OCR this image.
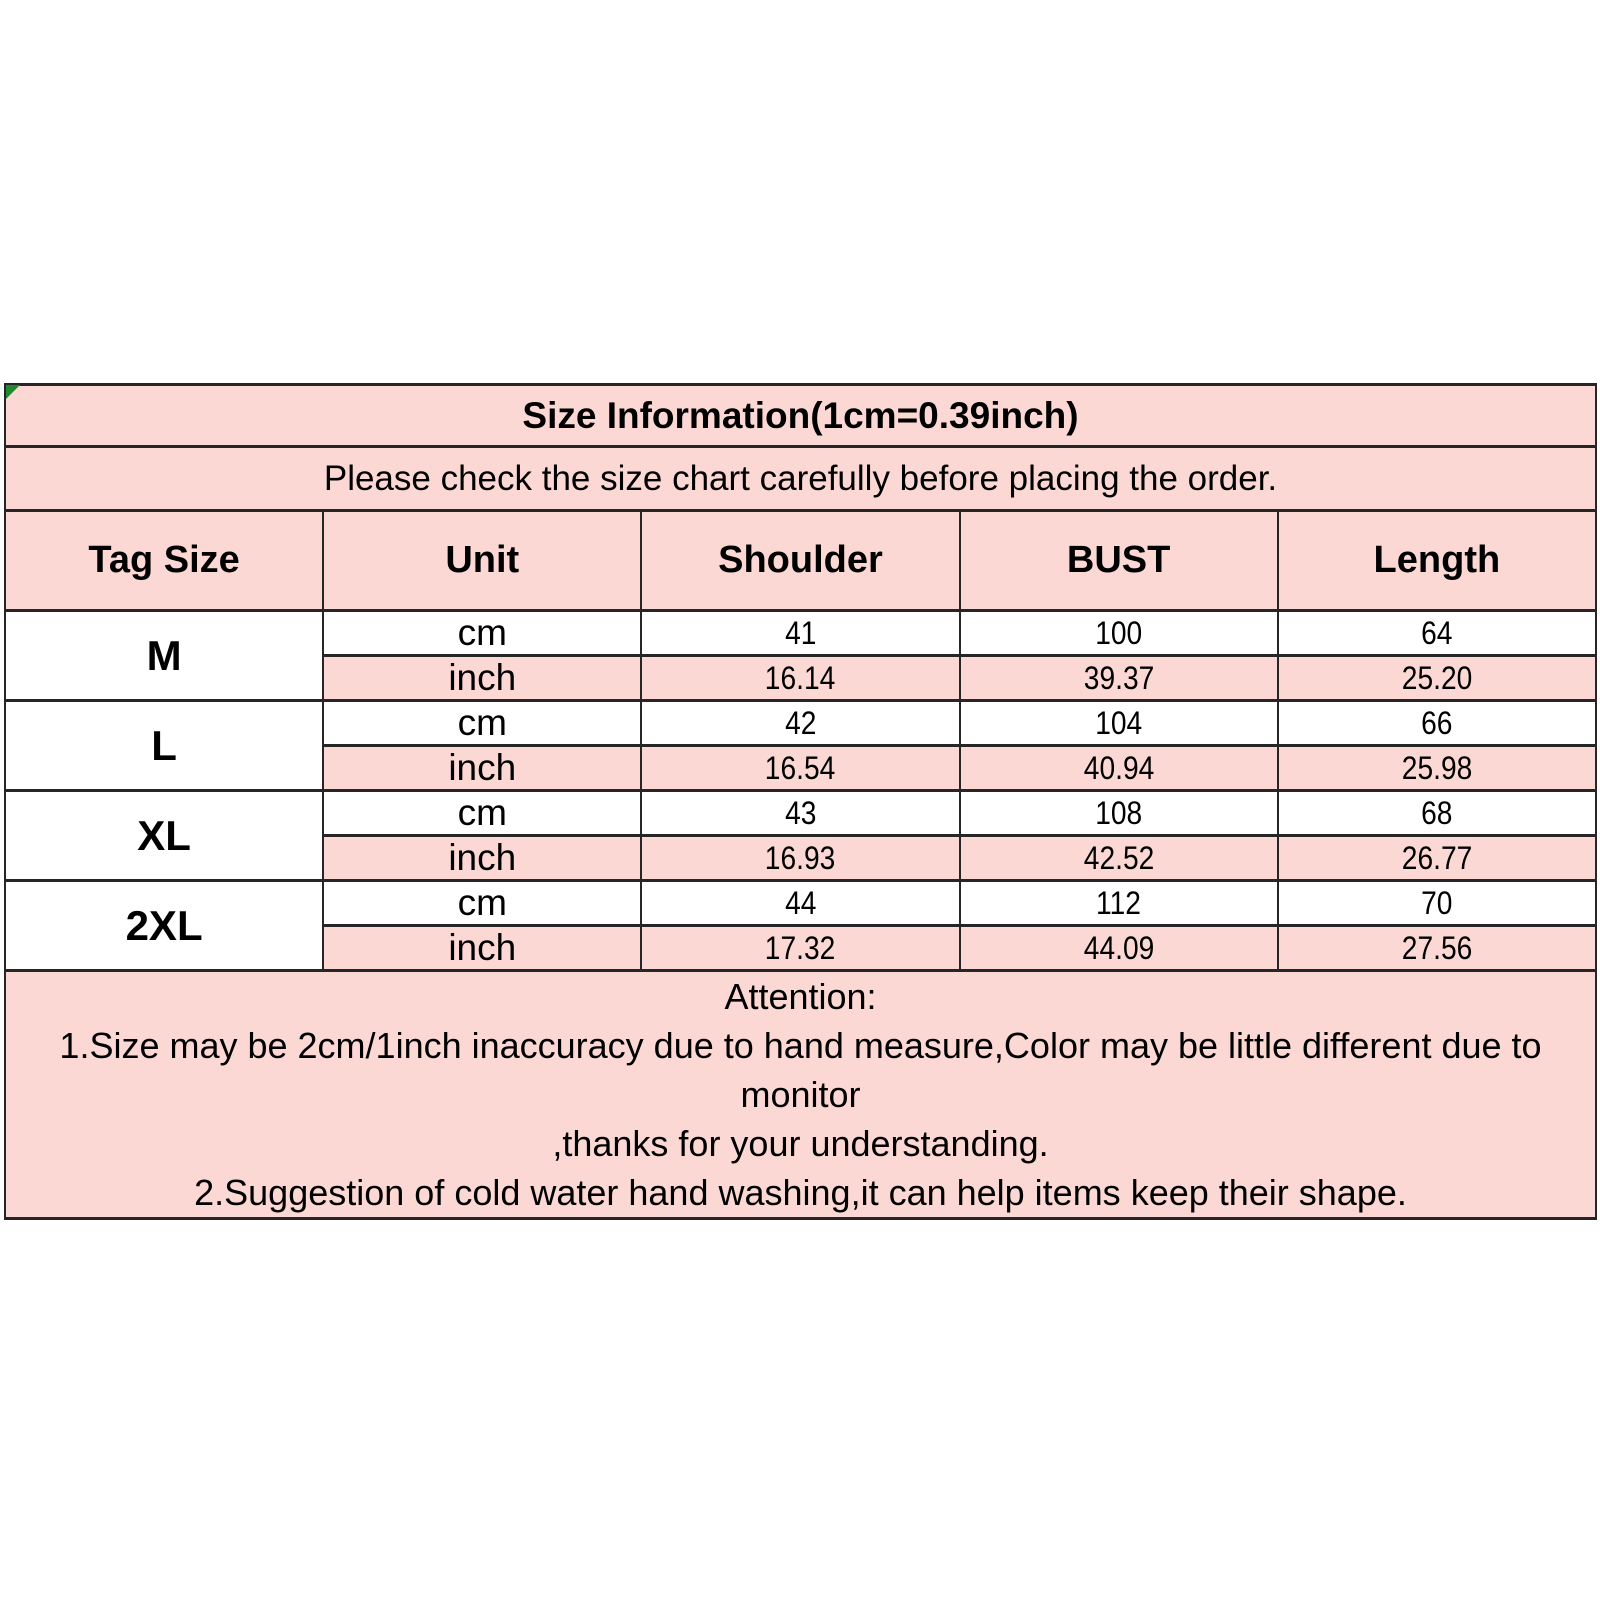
Size Information(1cm=0.39inch)				
Please check the size chart carefully before placing the order.				
Tag Size	Unit	Shoulder	BUST	Length
M	cm	41	100	64
	inch	16.14	39.37	25.20
L	cm	42	104	66
	inch	16.54	40.94	25.98
XL	cm	43	108	68
	inch	16.93	42.52	26.77
2XL	cm	44	112	70
	inch	17.32	44.09	27.56

Attention:
1.Size may be 2cm/1inch inaccuracy due to hand measure,Color may be little different due to monitor
,thanks for your understanding.
2.Suggestion of cold water hand washing,it can help items keep their shape.				
